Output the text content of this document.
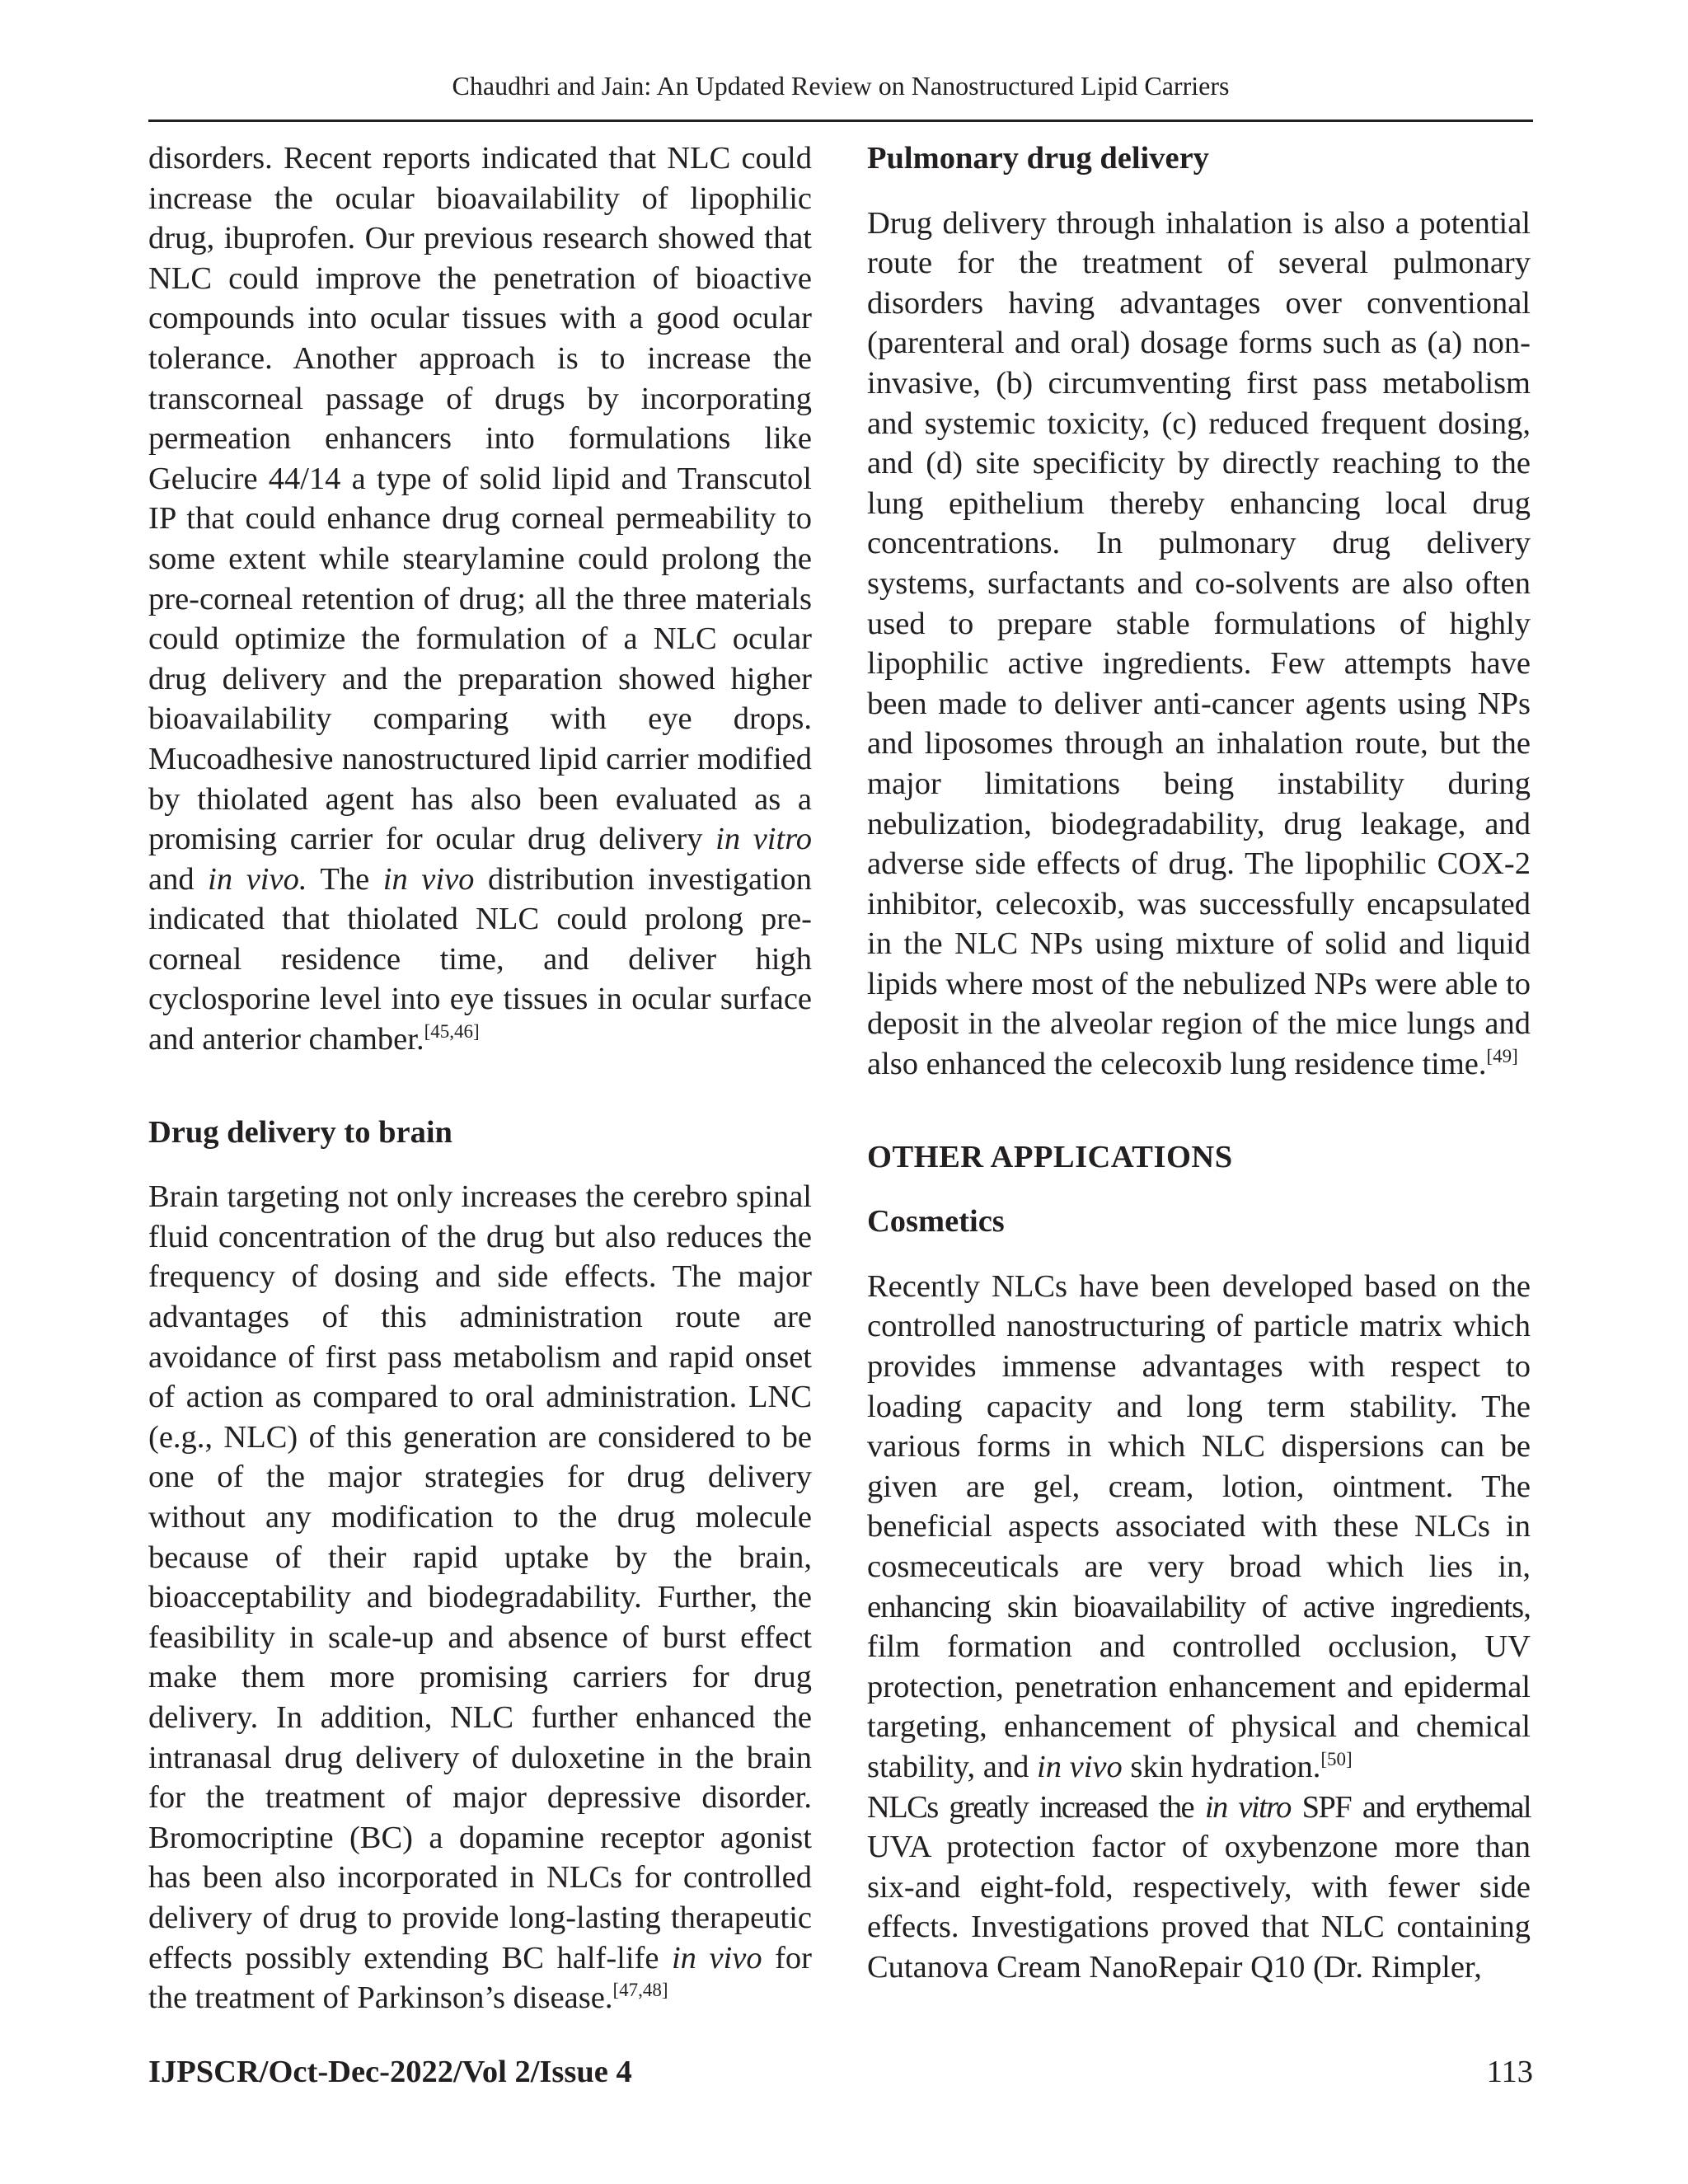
Chaudhri and Jain: An Updated Review on Nanostructured Lipid Carriers

disorders. Recent reports indicated that NLC could increase the ocular bioavailability of lipophilic drug, ibuprofen. Our previous research showed that NLC could improve the penetration of bioactive compounds into ocular tissues with a good ocular tolerance. Another approach is to increase the transcorneal passage of drugs by incorporating permeation enhancers into formulations like Gelucire 44/14 a type of solid lipid and Transcutol IP that could enhance drug corneal permeability to some extent while stearylamine could prolong the pre-corneal retention of drug; all the three materials could optimize the formulation of a NLC ocular drug delivery and the preparation showed higher bioavailability comparing with eye drops. Mucoadhesive nanostructured lipid carrier modified by thiolated agent has also been evaluated as a promising carrier for ocular drug delivery in vitro and in vivo. The in vivo distribution investigation indicated that thiolated NLC could prolong pre-corneal residence time, and deliver high cyclosporine level into eye tissues in ocular surface and anterior chamber.[45,46]

Drug delivery to brain

Brain targeting not only increases the cerebro spinal fluid concentration of the drug but also reduces the frequency of dosing and side effects. The major advantages of this administration route are avoidance of first pass metabolism and rapid onset of action as compared to oral administration. LNC (e.g., NLC) of this generation are considered to be one of the major strategies for drug delivery without any modification to the drug molecule because of their rapid uptake by the brain, bioacceptability and biodegradability. Further, the feasibility in scale-up and absence of burst effect make them more promising carriers for drug delivery. In addition, NLC further enhanced the intranasal drug delivery of duloxetine in the brain for the treatment of major depressive disorder. Bromocriptine (BC) a dopamine receptor agonist has been also incorporated in NLCs for controlled delivery of drug to provide long-lasting therapeutic effects possibly extending BC half-life in vivo for the treatment of Parkinson’s disease.[47,48]

Pulmonary drug delivery

Drug delivery through inhalation is also a potential route for the treatment of several pulmonary disorders having advantages over conventional (parenteral and oral) dosage forms such as (a) non-invasive, (b) circumventing first pass metabolism and systemic toxicity, (c) reduced frequent dosing, and (d) site specificity by directly reaching to the lung epithelium thereby enhancing local drug concentrations. In pulmonary drug delivery systems, surfactants and co-solvents are also often used to prepare stable formulations of highly lipophilic active ingredients. Few attempts have been made to deliver anti-cancer agents using NPs and liposomes through an inhalation route, but the major limitations being instability during nebulization, biodegradability, drug leakage, and adverse side effects of drug. The lipophilic COX-2 inhibitor, celecoxib, was successfully encapsulated in the NLC NPs using mixture of solid and liquid lipids where most of the nebulized NPs were able to deposit in the alveolar region of the mice lungs and also enhanced the celecoxib lung residence time.[49]

OTHER APPLICATIONS
Cosmetics

Recently NLCs have been developed based on the controlled nanostructuring of particle matrix which provides immense advantages with respect to loading capacity and long term stability. The various forms in which NLC dispersions can be given are gel, cream, lotion, ointment. The beneficial aspects associated with these NLCs in cosmeceuticals are very broad which lies in, enhancing skin bioavailability of active ingredients, film formation and controlled occlusion, UV protection, penetration enhancement and epidermal targeting, enhancement of physical and chemical stability, and in vivo skin hydration.[50]

NLCs greatly increased the in vitro SPF and erythemal

UVA protection factor of oxybenzone more than six-and eight-fold, respectively, with fewer side effects. Investigations proved that NLC containing Cutanova Cream NanoRepair Q10 (Dr. Rimpler,

IJPSCR/Oct-Dec-2022/Vol 2/Issue 4	113
